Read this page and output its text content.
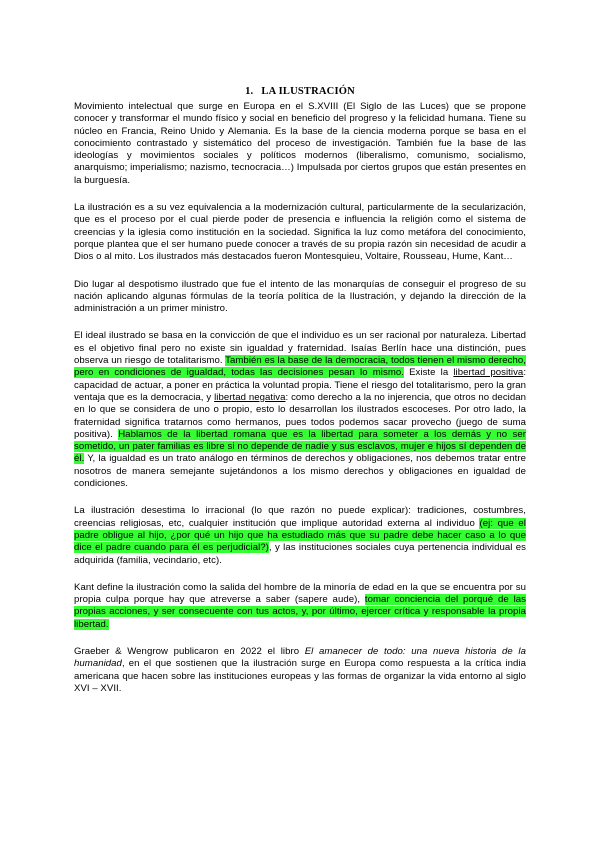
1. LA ILUSTRACIÓN

Movimiento intelectual que surge en Europa en el S.XVIII (El Siglo de las Luces) que se propone conocer y transformar el mundo físico y social en beneficio del progreso y la felicidad humana. Tiene su núcleo en Francia, Reino Unido y Alemania. Es la base de la ciencia moderna porque se basa en el conocimiento contrastado y sistemático del proceso de investigación. También fue la base de las ideologías y movimientos sociales y políticos modernos (liberalismo, comunismo, socialismo, anarquismo; imperialismo; nazismo, tecnocracia…) Impulsada por ciertos grupos que están presentes en la burguesía.

La ilustración es a su vez equivalencia a la modernización cultural, particularmente de la secularización, que es el proceso por el cual pierde poder de presencia e influencia la religión como el sistema de creencias y la iglesia como institución en la sociedad. Significa la luz como metáfora del conocimiento, porque plantea que el ser humano puede conocer a través de su propia razón sin necesidad de acudir a Dios o al mito. Los ilustrados más destacados fueron Montesquieu, Voltaire, Rousseau, Hume, Kant…

Dio lugar al despotismo ilustrado que fue el intento de las monarquías de conseguir el progreso de su nación aplicando algunas fórmulas de la teoría política de la Ilustración, y dejando la dirección de la administración a un primer ministro.

El ideal ilustrado se basa en la convicción de que el individuo es un ser racional por naturaleza. Libertad es el objetivo final pero no existe sin igualdad y fraternidad. Isaías Berlín hace una distinción, pues observa un riesgo de totalitarismo. También es la base de la democracia, todos tienen el mismo derecho, pero en condiciones de igualdad, todas las decisiones pesan lo mismo. Existe la libertad positiva: capacidad de actuar, a poner en práctica la voluntad propia. Tiene el riesgo del totalitarismo, pero la gran ventaja que es la democracia, y libertad negativa: como derecho a la no injerencia, que otros no decidan en lo que se considera de uno o propio, esto lo desarrollan los ilustrados escoceses. Por otro lado, la fraternidad significa tratarnos como hermanos, pues todos podemos sacar provecho (juego de suma positiva). Hablamos de la libertad romana que es la libertad para someter a los demás y no ser sometido, un pater familias es libre si no depende de nadie y sus esclavos, mujer e hijos sí dependen de él. Y, la igualdad es un trato análogo en términos de derechos y obligaciones, nos debemos tratar entre nosotros de manera semejante sujetándonos a los mismo derechos y obligaciones en igualdad de condiciones.

La ilustración desestima lo irracional (lo que razón no puede explicar): tradiciones, costumbres, creencias religiosas, etc, cualquier institución que implique autoridad externa al individuo (ej: que el padre obligue al hijo, ¿por qué un hijo que ha estudiado más que su padre debe hacer caso a lo que dice el padre cuando para él es perjudicial?), y las instituciones sociales cuya pertenencia individual es adquirida (familia, vecindario, etc).

Kant define la ilustración como la salida del hombre de la minoría de edad en la que se encuentra por su propia culpa porque hay que atreverse a saber (sapere aude), tomar conciencia del porqué de las propias acciones, y ser consecuente con tus actos, y, por último, ejercer crítica y responsable la propia libertad.

Graeber & Wengrow publicaron en 2022 el libro El amanecer de todo: una nueva historia de la humanidad, en el que sostienen que la ilustración surge en Europa como respuesta a la crítica india americana que hacen sobre las instituciones europeas y las formas de organizar la vida entorno al siglo XVI – XVII.
